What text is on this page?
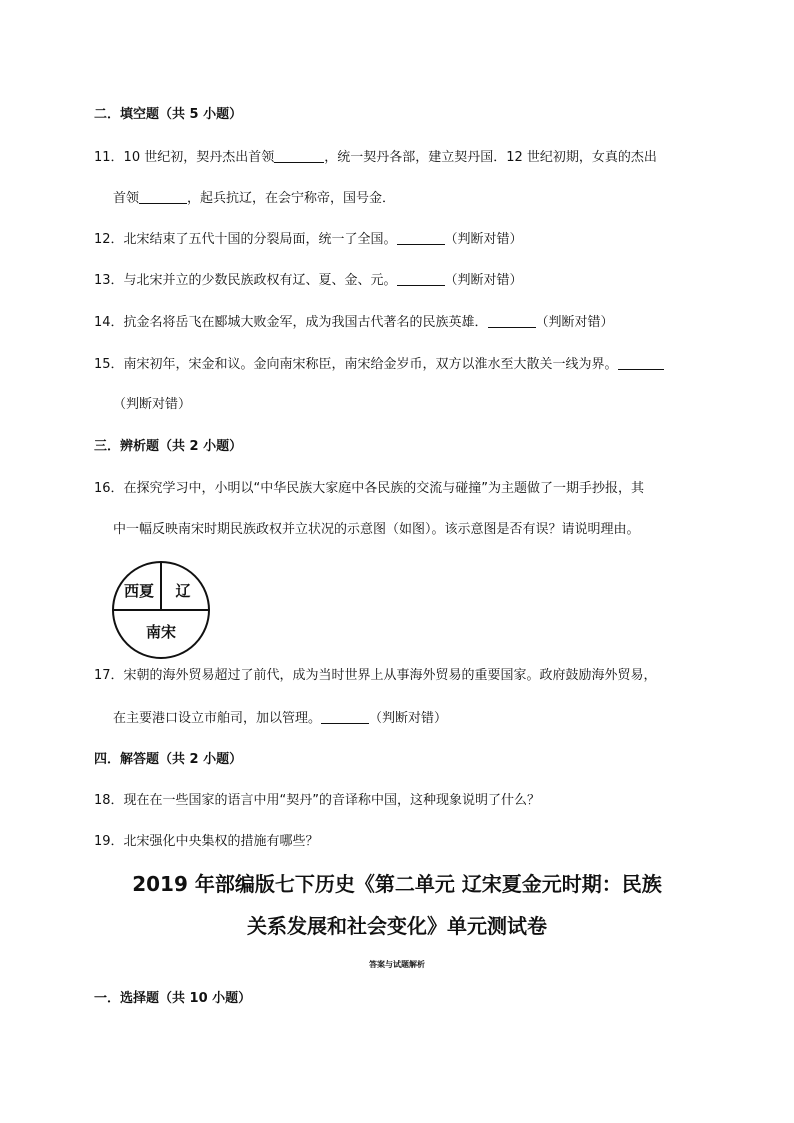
二．填空题（共 5 小题）
11．10 世纪初，契丹杰出首领	，统一契丹各部，建立契丹国．12 世纪初期，女真的杰出
首领	，起兵抗辽，在会宁称帝，国号金．
12．北宋结束了五代十国的分裂局面，统一了全国。	（判断对错）
13．与北宋并立的少数民族政权有辽、夏、金、元。	（判断对错）
14．抗金名将岳飞在郾城大败金军，成为我国古代著名的民族英雄．	（判断对错）
15．南宋初年，宋金和议。金向南宋称臣，南宋给金岁币，双方以淮水至大散关一线为界。
（判断对错）
三．辨析题（共 2 小题）
16．在探究学习中，小明以“中华民族大家庭中各民族的交流与碰撞”为主题做了一期手抄报，其
中一幅反映南宋时期民族政权并立状况的示意图（如图）。该示意图是否有误？请说明理由。
西夏 辽
南宋
17．宋朝的海外贸易超过了前代，成为当时世界上从事海外贸易的重要国家。政府鼓励海外贸易，
在主要港口设立市舶司，加以管理。	（判断对错）
四．解答题（共 2 小题）
18．现在在一些国家的语言中用“契丹”的音译称中国，这种现象说明了什么？
19．北宋强化中央集权的措施有哪些？
2019 年部编版七下历史《第二单元 辽宋夏金元时期：民族
关系发展和社会变化》单元测试卷
答案与试题解析
一．选择题（共 10 小题）
